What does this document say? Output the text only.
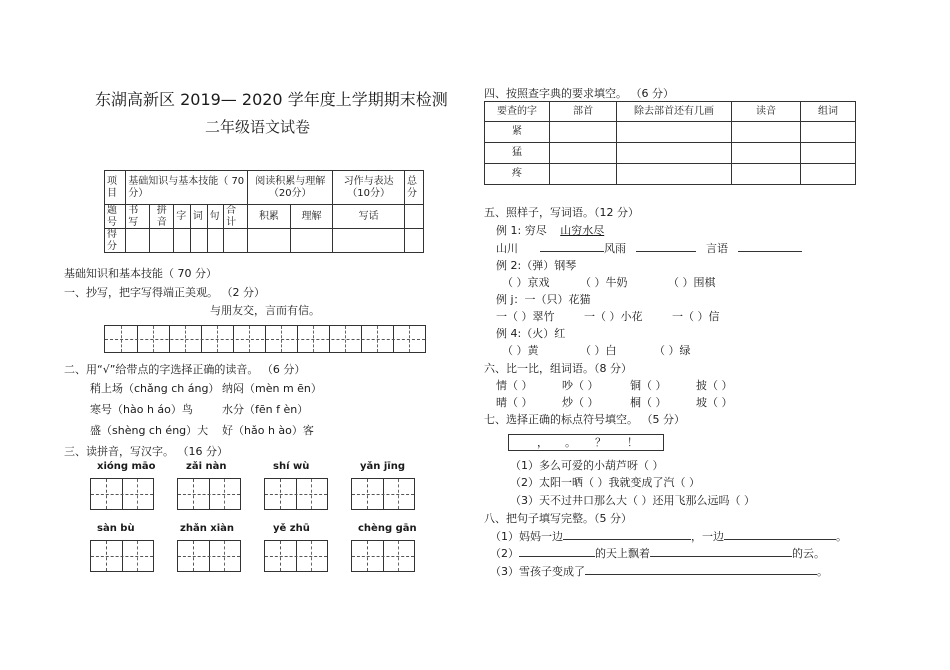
东湖高新区 2019— 2020 学年度上学期期末检测
二年级语文试卷
项目	基础知识与基本技能（ 70分）						阅读积累与理解（20分）		习作与表达（10分）	总分
题号	书写	拼音	字	词	句	合计	积累	理解	写话	
得分										
基础知识和基本技能（ 70 分）
一、抄写，把字写得端正美观。 （2 分）
与朋友交，言而有信。
二、用“√”给带点的字选择正确的读音。 （6 分）
稍上场（chǎng ch áng） 纳闷（mèn m ēn）
寒号（hào h áo）鸟	水分（fēn f èn）
盛（shèng ch éng）大 好（hǎo h ào）客
三、读拼音，写汉字。 （16 分）
xióng māo	zǎi nàn	shí wù	yǎn jīng
sàn bù	zhǎn xiàn	yě zhū	chèng gān
四、按照查字典的要求填空。 （6 分）
要查的字	部首	除去部首还有几画	读音	组词
紧				
猛				
疼				
五、照样子，写词语。（12 分）
例 1: 穷尽 山穷水尽
山川	风雨	言语
例 2:（弹）钢琴
（ ）京戏	（ ）牛奶	（ ）围棋
例 j：一（只）花猫
一（ ）翠竹	一（ ）小花	一（ ）信
例 4:（火）红
（ ）黄	（ ）白	（ ）绿
六、比一比，组词语。（8 分）
情（ ）	吵（ ）	铜（ ）	披（ ）
晴（ ）	炒（ ）	桐（ ）	坡（ ）
七、选择正确的标点符号填空。 （5 分）
， 。 ？ ！
（1）多么可爱的小葫芦呀（ ）
（2）太阳一晒（ ）我就变成了汽（ ）
（3）天不过井口那么大（ ）还用飞那么远吗（ ）
八、把句子填写完整。（5 分）
（1）妈妈一边	，一边	。
（2）	的天上飘着	的云。
（3）雪孩子变成了	。
